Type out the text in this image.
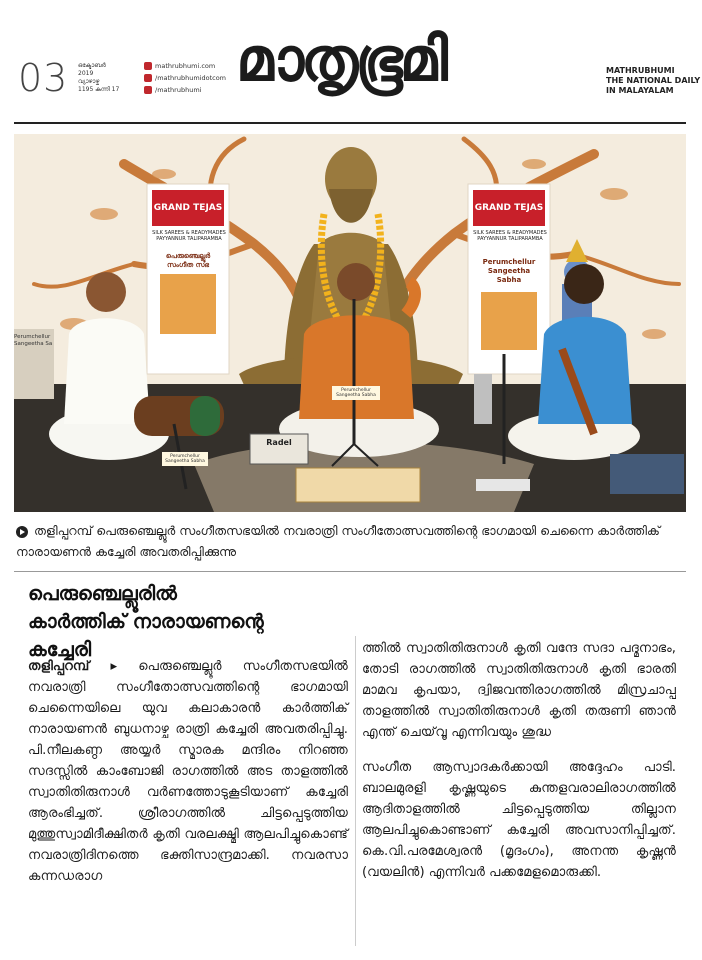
03 ഒക്ടോബർ
2019
വ്യാഴാഴ്ച
1195 കന്നി 17
mathrubhumi.com
/mathrubhumidotcom
/mathrubhumi മാതൃഭൂമി	MATHRUBHUMI
THE NATIONAL DAILY
IN MALAYALAM
GRAND TEJAS
SILK SAREES & READYMADES
PAYYANNUR TALIPARAMBA
പെരുഞ്ചെല്ലൂർ സംഗീത സഭ
GRAND TEJAS
SILK SAREES & READYMADES
PAYYANNUR TALIPARAMBA
Perumchellur Sangeetha Sabha
Perumchellur Sangeetha Sa
Perumchellur Sangeetha Sabha
Perumchellur Sangeetha Sabha
Radel
തളിപ്പറമ്പ് പെരുഞ്ചെല്ലൂർ സംഗീതസഭയിൽ നവരാത്രി സംഗീതോത്സവത്തിന്റെ ഭാഗമായി ചെന്നൈ കാർത്തിക് നാരായണൻ കച്ചേരി അവതരിപ്പിക്കുന്നു
പെരുഞ്ചെല്ലൂരിൽ
കാർത്തിക് നാരായണന്റെ
കച്ചേരി
തളിപ്പറമ്പ് ▸ പെരുഞ്ചെല്ലൂർ സംഗീതസഭയിൽ നവരാത്രി സംഗീതോത്സവത്തിന്റെ ഭാഗമായി ചെന്നൈയിലെ യുവ കലാകാരൻ കാർത്തിക് നാരായണൻ ബുധനാഴ്ച രാത്രി കച്ചേരി അവതരിപ്പിച്ചു. പി.നീലകണ്ഠ അയ്യർ സ്മാരക മന്ദിരം നിറഞ്ഞ സദസ്സിൽ കാംബോജി രാഗത്തിൽ അട താളത്തിൽ സ്വാതിതിരുനാൾ വർണത്തോടുകൂടിയാണ് കച്ചേരി ആരംഭിച്ചത്. ശ്രീരാഗത്തിൽ ചിട്ടപ്പെടുത്തിയ മുത്തുസ്വാമിദീക്ഷിതർ കൃതി വരലക്ഷ്മി ആലപിച്ചുകൊണ്ട് നവരാത്രിദിനത്തെ ഭക്തിസാന്ദ്രമാക്കി. നവരസാ കന്നഡരാഗ

ത്തിൽ സ്വാതിതിരുനാൾ കൃതി വന്ദേ സദാ പദ്മനാഭം, തോടി രാഗത്തിൽ സ്വാതിതിരുനാൾ കൃതി ഭാരതി മാമവ കൃപയാ, ദ്വിജവന്തിരാഗത്തിൽ മിസ്രചാപ്പ താളത്തിൽ സ്വാതിതിരുനാൾ കൃതി തരുണി ഞാൻ എന്ത് ചെയ്‌വൂ എന്നിവയും ശുദ്ധ

സംഗീത ആസ്വാദകർക്കായി അദ്ദേഹം പാടി. ബാലമുരളി കൃഷ്ണയുടെ കുന്തളവരാലിരാഗത്തിൽ ആദിതാളത്തിൽ ചിട്ടപ്പെടുത്തിയ തില്ലാന ആലപിച്ചുകൊണ്ടാണ് കച്ചേരി അവസാനിപ്പിച്ചത്. കെ.വി.പരമേശ്വരൻ (മൃദംഗം), അനന്ത കൃഷ്ണൻ (വയലിൻ) എന്നിവർ പക്കമേളമൊരുക്കി.
